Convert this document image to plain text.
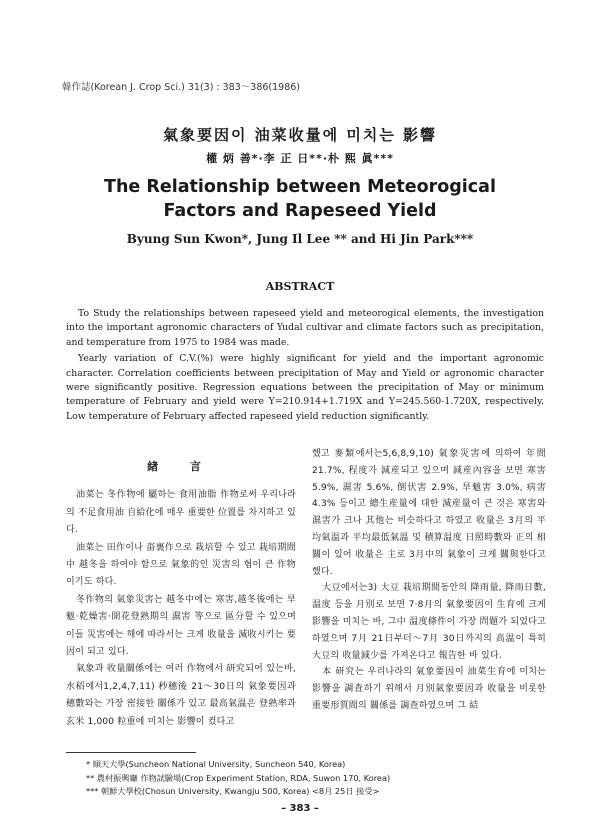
韓作誌(Korean J. Crop Sci.) 31(3) : 383～386(1986)
氣象要因이 油菜收量에 미치는 影響
權 炳 善*·李 正 日**·朴 熙 眞***
The Relationship between Meteorogical
Factors and Rapeseed Yield
Byung Sun Kwon*, Jung Il Lee ** and Hi Jin Park***
ABSTRACT

To Study the relationships between rapeseed yield and meteorogical elements, the investigation into the important agronomic characters of Yudal cultivar and climate factors such as precipitation, and temperature from 1975 to 1984 was made.

Yearly variation of C.V.(%) were highly significant for yield and the important agronomic character. Correlation coefficients between precipitation of May and Yield or agronomic character were significantly positive. Regression equations between the precipitation of May or minimum temperature of February and yield were Y=210.914+1.719X and Y=245.560-1.720X, respectively. Low temperature of February affected rapeseed yield reduction significantly.

緖 言

油菜는 冬作物에 屬하는 食用油脂 作物로써 우리나라의 不足食用油 自給化에 매우 重要한 位置를 차지하고 있다.

油菜는 田作이나 畓裏作으로 栽培할 수 있고 栽培期間中 越冬을 하여야 함으로 氣象的인 災害의 혐이 큰 作物이기도 하다.

冬作物의 氣象災害는 越冬中에는 寒害,越冬後에는 旱魃·乾燥害·開花登熟期의 濕害 等으로 區分할 수 있으며 이들 災害에는 해에 따라서는 크게 收量을 減收시키는 要因이 되고 있다.

氣象과 收量關係에는 여러 作物에서 研究되어 있는바, 水稻에서1,2,4,7,11) 秒穗後 21～30日의 氣象要因과 穗數와는 가장 密接한 關係가 있고 最高氣温은 登熟率과 玄米 1,000 粒重에 미치는 影響이 컸다고

했고 麥類에서는5,6,8,9,10) 氣象災害에 의하여 年間 21.7%, 程度가 減産되고 있으며 減産內容을 보면 寒害 5.9%, 濕害 5.6%, 倒伏害 2.9%, 旱魃害 3.0%, 病害 4.3% 등이고 總生産量에 대한 減産量이 큰 것은 寒害와 濕害가 크나 其他는 비슷하다고 하였고 收量은 3月의 平均氣温과 平均最低氣温 및 積算温度 日照時數와 正의 相關이 있어 收量은 主로 3月中의 氣象이 크게 關與한다고 했다.

大豆에서는3) 大豆 栽培期間동안의 降雨量, 降雨日數, 温度 등을 月別로 보면 7·8月의 氣象要因이 生育에 크게 影響을 미치는 바, 그中 温度條件이 가장 問題가 되었다고 하였으며 7月 21日부터～7月 30日까지의 高温이 특히 大豆의 收量減少를 가져온다고 報告한 바 있다.

本 研究는 우리나라의 氣象要因이 油菜生育에 미치는 影響을 調査하기 위해서 月別氣象要因과 收量을 비롯한 重要形質間의 關係를 調查하였으며 그 結

* 順天大學(Suncheon National University, Suncheon 540, Korea)
** 農村振興廳 作物試驗場(Crop Experiment Station, RDA, Suwon 170, Korea)
*** 朝鮮大學校(Chosun University, Kwangju 500, Korea) <8月 25日 接受>
– 383 –
